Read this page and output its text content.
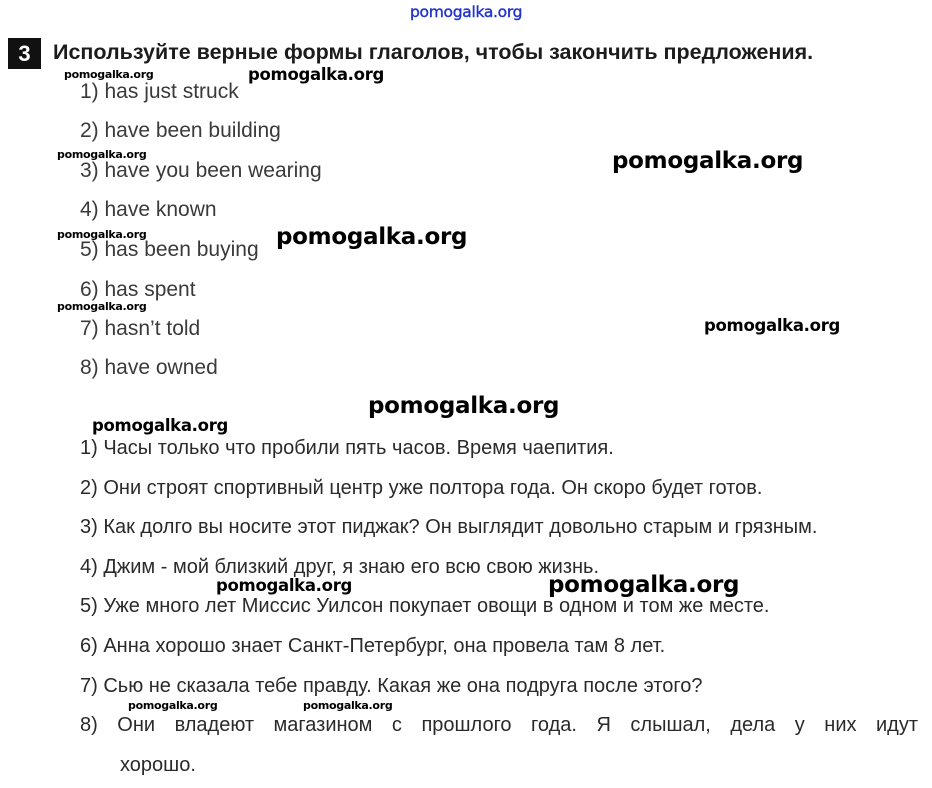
pomogalka.org
3	Используйте верные формы глаголов, чтобы закончить предложения.
1) has just struck
2) have been building
3) have you been wearing
4) have known
5) has been buying
6) has spent
7) hasn’t told
8) have owned
1) Часы только что пробили пять часов. Время чаепития.
2) Они строят спортивный центр уже полтора года. Он скоро будет готов.
3) Как долго вы носите этот пиджак? Он выглядит довольно старым и грязным.
4) Джим - мой близкий друг, я знаю его всю свою жизнь.
5) Уже много лет Миссис Уилсон покупает овощи в одном и том же месте.
6) Анна хорошо знает Санкт-Петербург, она провела там 8 лет.
7) Сью не сказала тебе правду. Какая же она подруга после этого?
8) Они владеют магазином с прошлого года. Я слышал, дела у них идут
хорошо.
pomogalka.org	pomogalka.org
pomogalka.org	pomogalka.org
pomogalka.org	pomogalka.org
pomogalka.org
pomogalka.org
pomogalka.org
pomogalka.org
pomogalka.org	pomogalka.org
pomogalka.org	pomogalka.org
